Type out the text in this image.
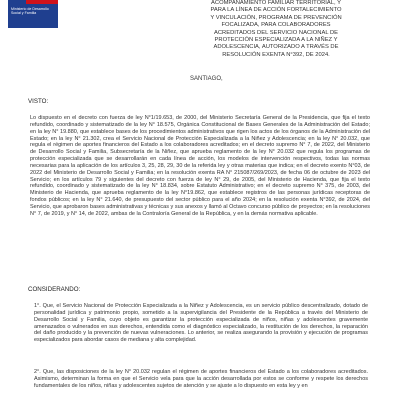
Ministerio de Desarrollo Social y Familia
ACOMPAÑAMIENTO FAMILIAR TERRITORIAL, Y
PARA LA LÍNEA DE ACCIÓN FORTALECIMIENTO
Y VINCULACIÓN, PROGRAMA DE PREVENCIÓN
FOCALIZADA, PARA COLABORADORES
ACREDITADOS DEL SERVICIO NACIONAL DE
PROTECCIÓN ESPECIALIZADA A LA NIÑEZ Y
ADOLESCENCIA, AUTORIZADO A TRAVÉS DE
RESOLUCIÓN EXENTA N°392, DE 2024.
SANTIAGO,
VISTO:
Lo dispuesto en el decreto con fuerza de ley N°1/19.653, de 2000, del Ministerio Secretaría General de la Presidencia, que fija el texto refundido, coordinado y sistematizado de la ley N° 18.575, Orgánica Constitucional de Bases Generales de la Administración del Estado; en la ley N° 19.880, que establece bases de los procedimientos administrativos que rigen los actos de los órganos de la Administración del Estado; en la ley N° 21.302, crea el Servicio Nacional de Protección Especializada a la Niñez y Adolescencia; en la ley N° 20.032, que regula el régimen de aportes financieros del Estado a los colaboradores acreditados; en el decreto supremo N° 7, de 2022, del Ministerio de Desarrollo Social y Familia, Subsecretaría de la Niñez, que aprueba reglamento de la ley N° 20.032 que regula los programas de protección especializada que se desarrollarán en cada línea de acción, los modelos de intervención respectivos, todas las normas necesarias para la aplicación de los artículos 3, 25, 28, 29, 30 de la referida ley y otras materias que indica; en el decreto exento N°03, de 2022 del Ministerio de Desarrollo Social y Familia; en la resolución exenta RA N° 215087/269/2023, de fecha 06 de octubre de 2023 del Servicio; en los artículos 79 y siguientes del decreto con fuerza de ley N° 29, de 2005, del Ministerio de Hacienda, que fija el texto refundido, coordinado y sistematizado de la ley N° 18.834, sobre Estatuto Administrativo; en el decreto supremo N° 375, de 2003, del Ministerio de Hacienda, que aprueba reglamento de la ley N°19.862, que establece registros de las personas jurídicas receptoras de fondos públicos; en la ley N° 21.640, de presupuesto del sector público para el año 2024; en la resolución exenta N°392, de 2024, del Servicio, que aprobaron bases administrativas y técnicas y sus anexos y llamó al Octavo concurso público de proyectos; en la resoluciones N° 7, de 2019, y N° 14, de 2022, ambas de la Contraloría General de la República, y en la demás normativa aplicable.
CONSIDERANDO:
1°. Que, el Servicio Nacional de Protección Especializada a la Niñez y Adolescencia, es un servicio público descentralizado, dotado de personalidad jurídica y patrimonio propio, sometido a la supervigilancia del Presidente de la República a través del Ministerio de Desarrollo Social y Familia, cuyo objeto es garantizar la protección especializada de niños, niñas y adolescentes gravemente amenazados o vulnerados en sus derechos, entendida como el diagnóstico especializado, la restitución de los derechos, la reparación del daño producido y la prevención de nuevas vulneraciones. Lo anterior, se realiza asegurando la provisión y ejecución de programas especializados para abordar casos de mediana y alta complejidad.
2°. Que, las disposiciones de la ley N° 20.032 regulan el régimen de aportes financieros del Estado a los colaboradores acreditados. Asimismo, determinan la forma en que el Servicio vela para que la acción desarrollada por estos se conforme y respete los derechos fundamentales de los niños, niñas y adolescentes sujetos de atención y se ajuste a lo dispuesto en esta ley y en
